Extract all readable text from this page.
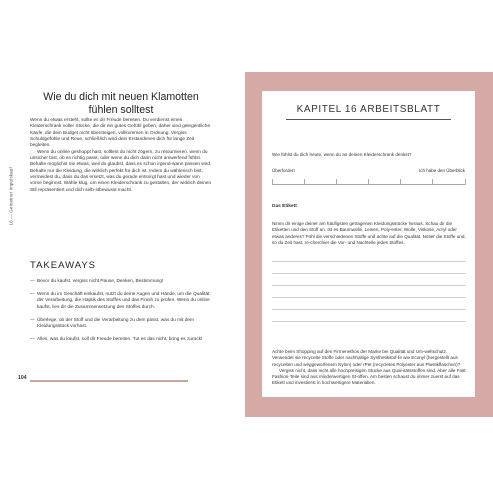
16 — Gemeiner Impulskauf
Wie du dich mit neuen Klamotten
fühlen solltest

Wenn du etwas ersteht, sollte es dir Freude bereiten. Du verdienst einen Kleiderschrank voller Stücke, die dir ein gutes Gefühl geben, daher sind gelegentliche Käufe, die dein Budget nicht übersteigen, vollkommen in Ordnung. Vergiss Schuldgefühle und Reue, schließlich wird dein Erstandenes dich für lange Zeit begleiten.

Wenn du online geshoppt hast, solltest du nicht zögern, zu retournieren, wenn du unsicher bist, ob es richtig passt, oder wenn du dich darin nicht umwerfend fühlst. Behalte möglichst nie etwas, weil du glaubst, dass es schon irgend-wann passen wird. Behalte nur die Kleidung, die wirklich perfekt für dich ist. Indem du wählerisch bist, vermeidest du, dass du das ersetzt, was du gerade entsorgt hast und wieder von vorne beginnst. Wähle klug, um einen Kleiderschrank zu gestalten, der wirklich deinen Stil repräsentiert und dich selb-stbewusst macht.

TAKEAWAYS
— Bevor du kaufst, vergiss nicht Pause, Denken, Bestimmung!
— Wenn du im Geschäft einkaufst, nutzt du deine Augen und Hände, um die Qualität der Verarbeitung, die Haptik des Stoffes und das Finish zu prüfen. Wenn du online kaufst, lies dir die Zusammensetzung des Stoffes durch.
— Überlege, ob der Stoff und die Verarbeitung zu dem passt, was du mit dem Kleidungsstück vorhast.
— Alles, was du kaufst, soll dir Freude bereiten. Tut es das nicht, bring es zurück!
104
KAPITEL 16 ARBEITSBLATT
Wie fühlst du dich heute, wenn du an deinen Kleiderschrank denkst?
Überfordert	Ich habe den Überblick
Das Etikett
Nimm dir einige deiner am häufigsten getragenen Kleidungsstücke heraus. Schau dir die Etiketten und den Stoff an. Ist es Baumwolle, Leinen, Poly-ester, Wolle, Viskose, Acryl oder etwas anderes? Fühl die verschiedenen Stoffe und achte auf die Qualität. Notier die Stoffe und, so du Zeit hast, re-cherchier die Vor- und Nachteile jedes Stoffes.

Achte beim Shopping auf den Firmenethos der Marke bei Qualität und Um-weltschutz. Verwendet sie recycelte Stoffe oder nachhaltige Synthetikstof-fe wie Econyl (hergestellt aus recycelten und weggeworfenem Nylon) oder rPet (recycletes Polyester aus Plastikflaschen)?

Vergiss nicht, dass nicht alle hochpreisigen Stücke aus Qual-itätsstoffen sind. Aber alle Fast Fashion-Teile sind aus minderwertigen St-offen. Am besten schaust du immer zuerst auf das Etikett und investierst in hochwertigere Materialien.
